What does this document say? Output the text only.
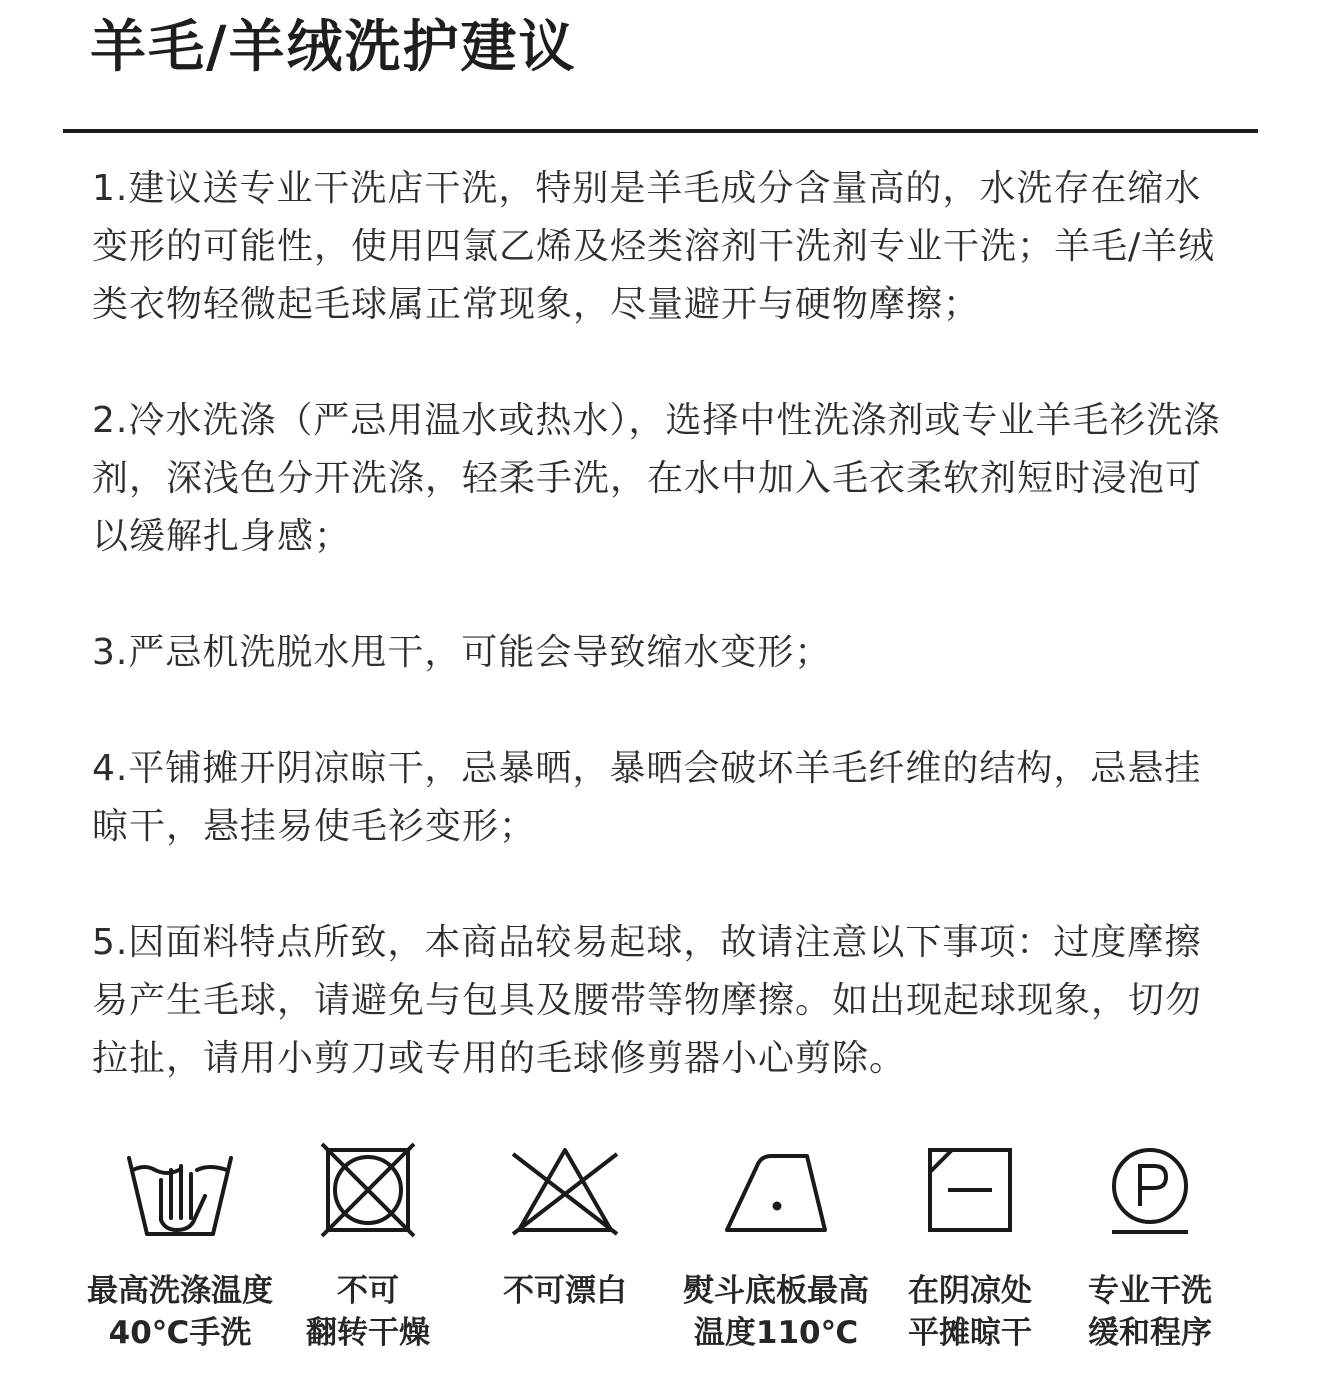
羊毛/羊绒洗护建议

1.建议送专业干洗店干洗，特别是羊毛成分含量高的，水洗存在缩水变形的可能性，使用四氯乙烯及烃类溶剂干洗剂专业干洗；羊毛/羊绒类衣物轻微起毛球属正常现象，尽量避开与硬物摩擦；

2.冷水洗涤（严忌用温水或热水），选择中性洗涤剂或专业羊毛衫洗涤剂，深浅色分开洗涤，轻柔手洗，在水中加入毛衣柔软剂短时浸泡可以缓解扎身感；

3.严忌机洗脱水甩干，可能会导致缩水变形；

4.平铺摊开阴凉晾干，忌暴晒，暴晒会破坏羊毛纤维的结构，忌悬挂晾干，悬挂易使毛衫变形；

5.因面料特点所致，本商品较易起球，故请注意以下事项：过度摩擦易产生毛球，请避免与包具及腰带等物摩擦。如出现起球现象，切勿拉扯，请用小剪刀或专用的毛球修剪器小心剪除。

最高洗涤温度
40℃手洗
不可
翻转干燥
不可漂白	熨斗底板最高
温度110℃
在阴凉处
平摊晾干
专业干洗
缓和程序
